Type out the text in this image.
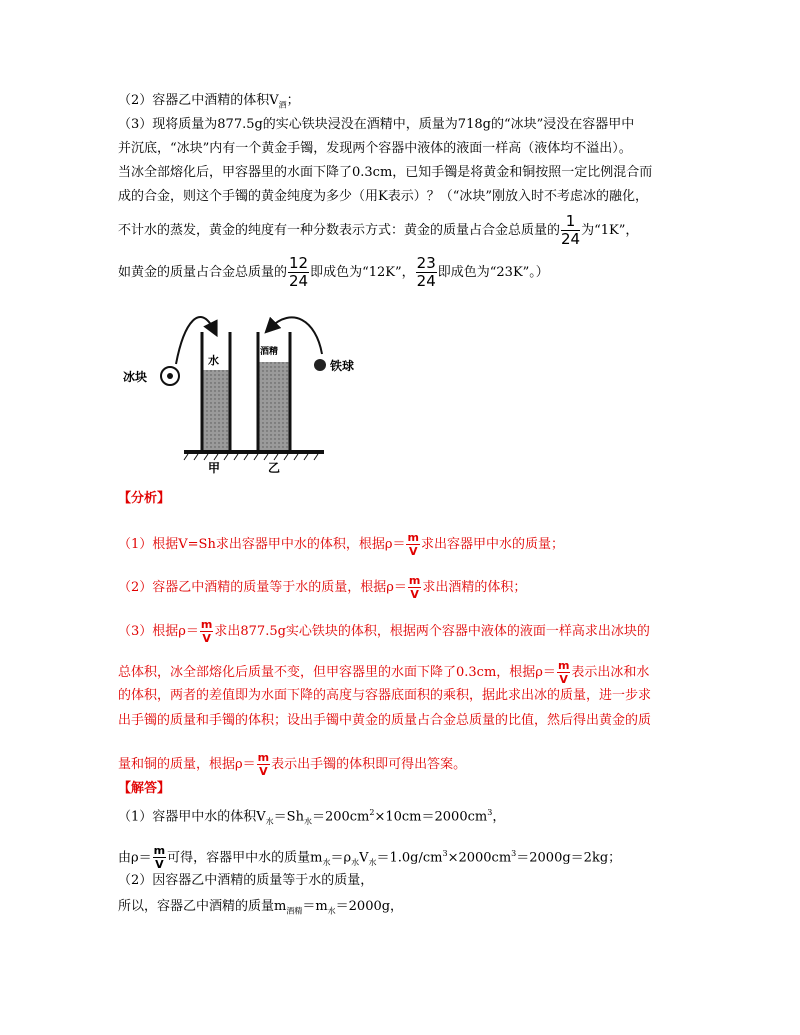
（2）容器乙中酒精的体积$V_酒$；
（3）现将质量为877.5g的实心铁块浸没在酒精中，质量为718g的“冰块”浸没在容器甲中
并沉底，“冰块”内有一个黄金手镯，发现两个容器中液体的液面一样高（液体均不溢出）。
当冰全部熔化后，甲容器里的水面下降了0.3cm，已知手镯是将黄金和铜按照一定比例混合而
成的合金，则这个手镯的黄金纯度为多少（用K表示）？（“冰块”刚放入时不考虑冰的融化，
不计水的蒸发，黄金的纯度有一种分数表示方式：黄金的质量占合金总质量的 $\frac{1}{24}$ 为“1K”，
如黄金的质量占合金总质量的 $\frac{12}{24}$ 即成色为“12K”， $\frac{23}{24}$ 即成色为“23K”。）
冰块
铁球
水
酒精
甲	乙
【分析】
（1）根据V=Sh求出容器甲中水的体积，根据$\rho= \frac{m}{V}$ 求出容器甲中水的质量；
（2）容器乙中酒精的质量等于水的质量，根据$\rho= \frac{m}{V}$ 求出酒精的体积；
（3）根据$\rho= \frac{m}{V}$ 求出877.5g实心铁块的体积，根据两个容器中液体的液面一样高求出冰块的
总体积，冰全部熔化后质量不变，但甲容器里的水面下降了0.3cm，根据$\rho= \frac{m}{V}$ 表示出冰和水
的体积，两者的差值即为水面下降的高度与容器底面积的乘积，据此求出冰的质量，进一步求
出手镯的质量和手镯的体积；设出手镯中黄金的质量占合金总质量的比值，然后得出黄金的质
量和铜的质量，根据$\rho= \frac{m}{V}$ 表示出手镯的体积即可得出答案。
【解答】
（1）容器甲中水的体积$V_水=Sh_水=200cm^2\times 10cm=2000cm^3$，
由$\rho= \frac{m}{V}$ 可得，容器甲中水的质量$m_水=\rho_水V_水=1.0g/cm^3\times 2000cm^3=2000g=2kg$；
（2）因容器乙中酒精的质量等于水的质量，
所以，容器乙中酒精的质量$m_{酒精}=m_水=2000g$，
